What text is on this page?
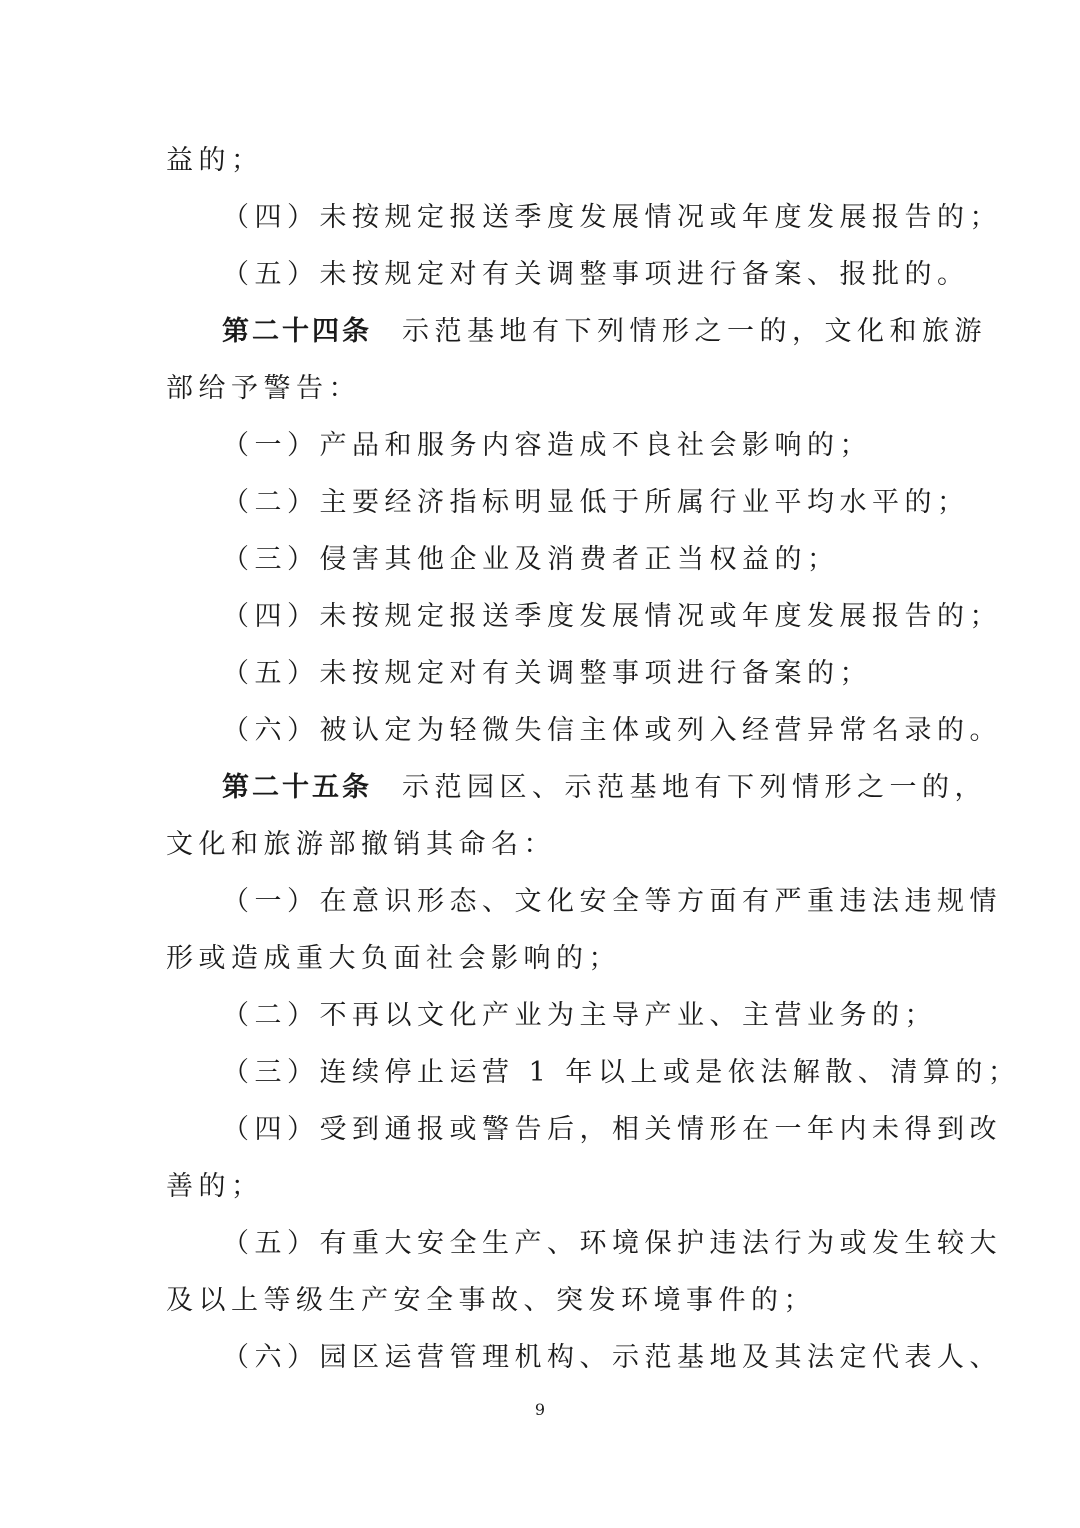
益的；
（四）未按规定报送季度发展情况或年度发展报告的；
（五）未按规定对有关调整事项进行备案、报批的。
第二十四条 示范基地有下列情形之一的，文化和旅游
部给予警告：
（一）产品和服务内容造成不良社会影响的；
（二）主要经济指标明显低于所属行业平均水平的；
（三）侵害其他企业及消费者正当权益的；
（四）未按规定报送季度发展情况或年度发展报告的；
（五）未按规定对有关调整事项进行备案的；
（六）被认定为轻微失信主体或列入经营异常名录的。
第二十五条 示范园区、示范基地有下列情形之一的，
文化和旅游部撤销其命名：
（一）在意识形态、文化安全等方面有严重违法违规情
形或造成重大负面社会影响的；
（二）不再以文化产业为主导产业、主营业务的；
（三）连续停止运营 1 年以上或是依法解散、清算的；
（四）受到通报或警告后，相关情形在一年内未得到改
善的；
（五）有重大安全生产、环境保护违法行为或发生较大
及以上等级生产安全事故、突发环境事件的；
（六）园区运营管理机构、示范基地及其法定代表人、
9
